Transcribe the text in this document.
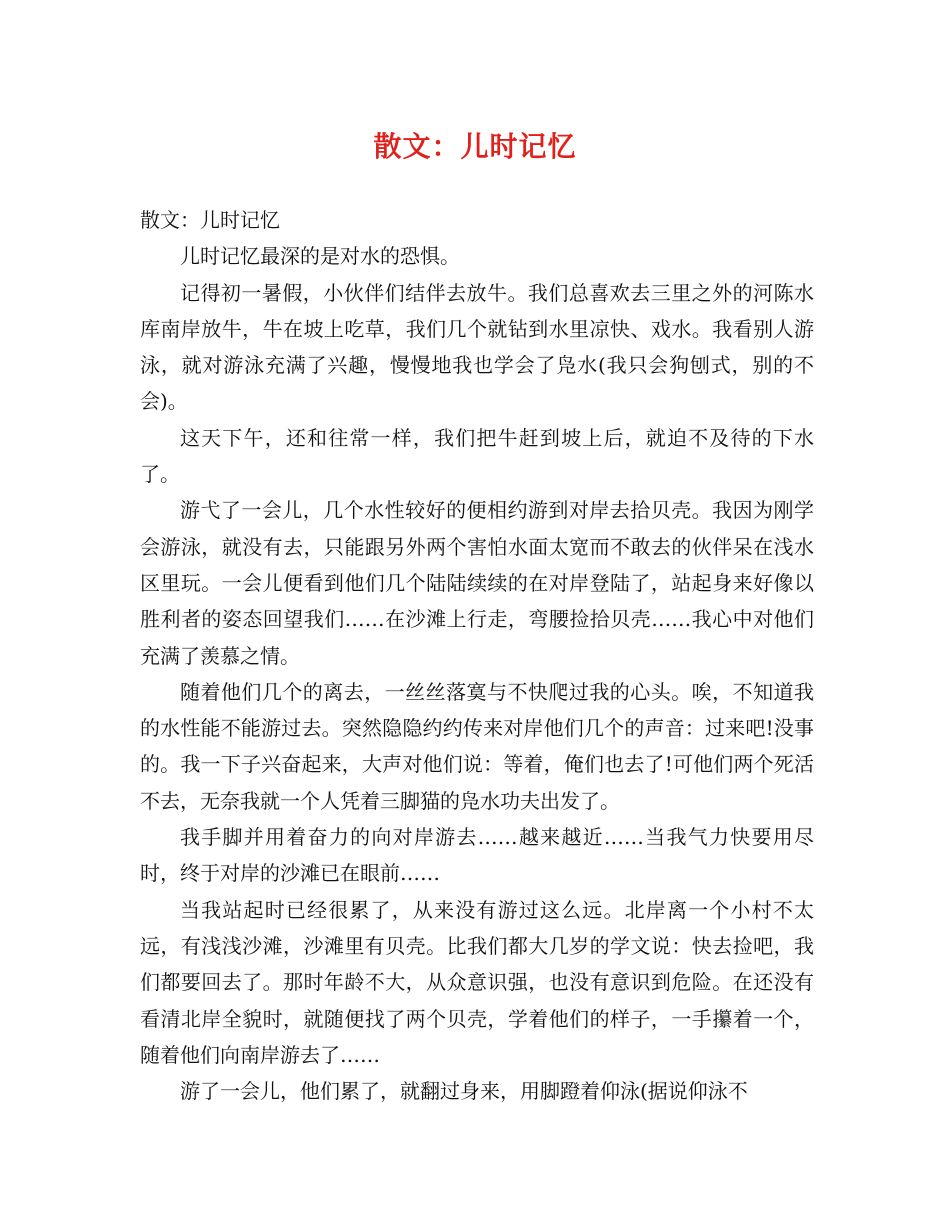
散文：儿时记忆

散文：儿时记忆

儿时记忆最深的是对水的恐惧。

记得初一暑假，小伙伴们结伴去放牛。我们总喜欢去三里之外的河陈水库南岸放牛，牛在坡上吃草，我们几个就钻到水里凉快、戏水。我看别人游泳，就对游泳充满了兴趣，慢慢地我也学会了凫水(我只会狗刨式，别的不会)。

这天下午，还和往常一样，我们把牛赶到坡上后，就迫不及待的下水了。

游弋了一会儿，几个水性较好的便相约游到对岸去拾贝壳。我因为刚学会游泳，就没有去，只能跟另外两个害怕水面太宽而不敢去的伙伴呆在浅水区里玩。一会儿便看到他们几个陆陆续续的在对岸登陆了，站起身来好像以胜利者的姿态回望我们……在沙滩上行走，弯腰捡拾贝壳……我心中对他们充满了羡慕之情。

随着他们几个的离去，一丝丝落寞与不快爬过我的心头。唉，不知道我的水性能不能游过去。突然隐隐约约传来对岸他们几个的声音：过来吧!没事的。我一下子兴奋起来，大声对他们说：等着，俺们也去了!可他们两个死活不去，无奈我就一个人凭着三脚猫的凫水功夫出发了。

我手脚并用着奋力的向对岸游去……越来越近……当我气力快要用尽时，终于对岸的沙滩已在眼前……

当我站起时已经很累了，从来没有游过这么远。北岸离一个小村不太远，有浅浅沙滩，沙滩里有贝壳。比我们都大几岁的学文说：快去捡吧，我们都要回去了。那时年龄不大，从众意识强，也没有意识到危险。在还没有看清北岸全貌时，就随便找了两个贝壳，学着他们的样子，一手攥着一个，随着他们向南岸游去了……

游了一会儿，他们累了，就翻过身来，用脚蹬着仰泳(据说仰泳不
